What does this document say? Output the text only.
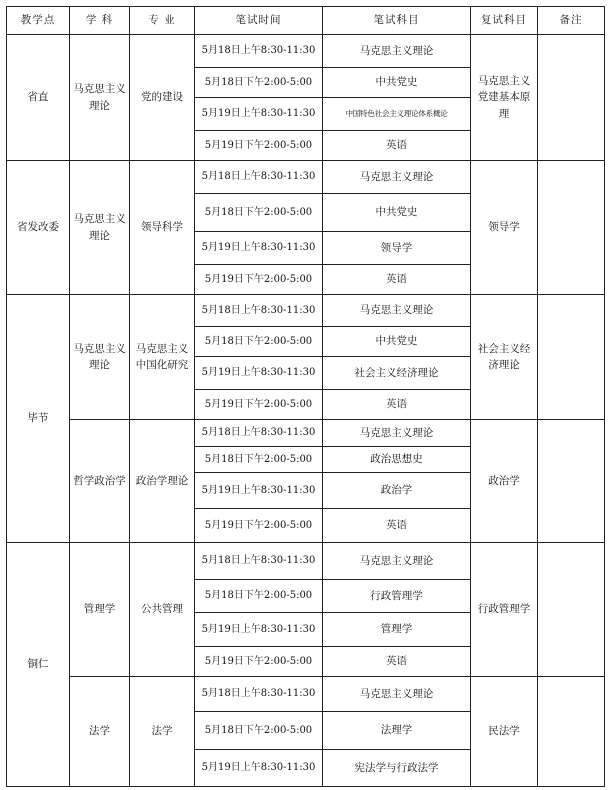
教学点	学 科	专 业	笔试时间	笔试科目	复试科目	备注
省直	马克思主义理论	党的建设	5月18日上午8:30-11:30	马克思主义理论	马克思主义党建基本原理	
			5月18日下午2:00-5:00	中共党史		
			5月19日上午8:30-11:30	中国特色社会主义理论体系概论		
			5月19日下午2:00-5:00	英语		
省发改委	马克思主义理论	领导科学	5月18日上午8:30-11:30	马克思主义理论	领导学	
			5月18日下午2:00-5:00	中共党史		
			5月19日上午8:30-11:30	领导学		
			5月19日下午2:00-5:00	英语		
毕节	马克思主义理论	马克思主义中国化研究	5月18日上午8:30-11:30	马克思主义理论	社会主义经济理论	
			5月18日下午2:00-5:00	中共党史		
			5月19日上午8:30-11:30	社会主义经济理论		
			5月19日下午2:00-5:00	英语		
	哲学政治学	政治学理论	5月18日上午8:30-11:30	马克思主义理论	政治学	
			5月18日下午2:00-5:00	政治思想史		
			5月19日上午8:30-11:30	政治学		
			5月19日下午2:00-5:00	英语		
铜仁	管理学	公共管理	5月18日上午8:30-11:30	马克思主义理论	行政管理学	
			5月18日下午2:00-5:00	行政管理学		
			5月19日上午8:30-11:30	管理学		
			5月19日下午2:00-5:00	英语		
	法学	法学	5月18日上午8:30-11:30	马克思主义理论	民法学	
			5月18日下午2:00-5:00	法理学		
			5月19日上午8:30-11:30	宪法学与行政法学		
